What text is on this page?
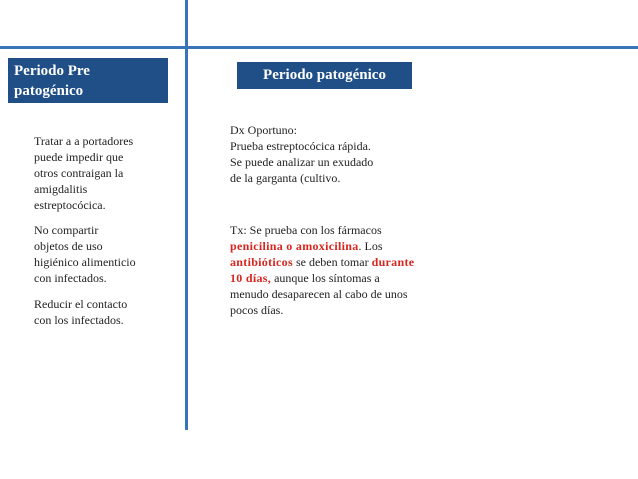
Periodo Pre
patogénico
Periodo patogénico
Tratar a a portadores
puede impedir que
otros contraigan la
amigdalitis
estreptocócica.
No compartir
objetos de uso
higiénico alimenticio
con infectados.
Reducir el contacto
con los infectados.
Dx Oportuno:
Prueba estreptocócica rápida.
Se puede analizar un exudado
de la garganta (cultivo.
Tx: Se prueba con los fármacos penicilina o amoxicilina. Los antibióticos se deben tomar durante 10 días, aunque los síntomas a menudo desaparecen al cabo de unos pocos días.
